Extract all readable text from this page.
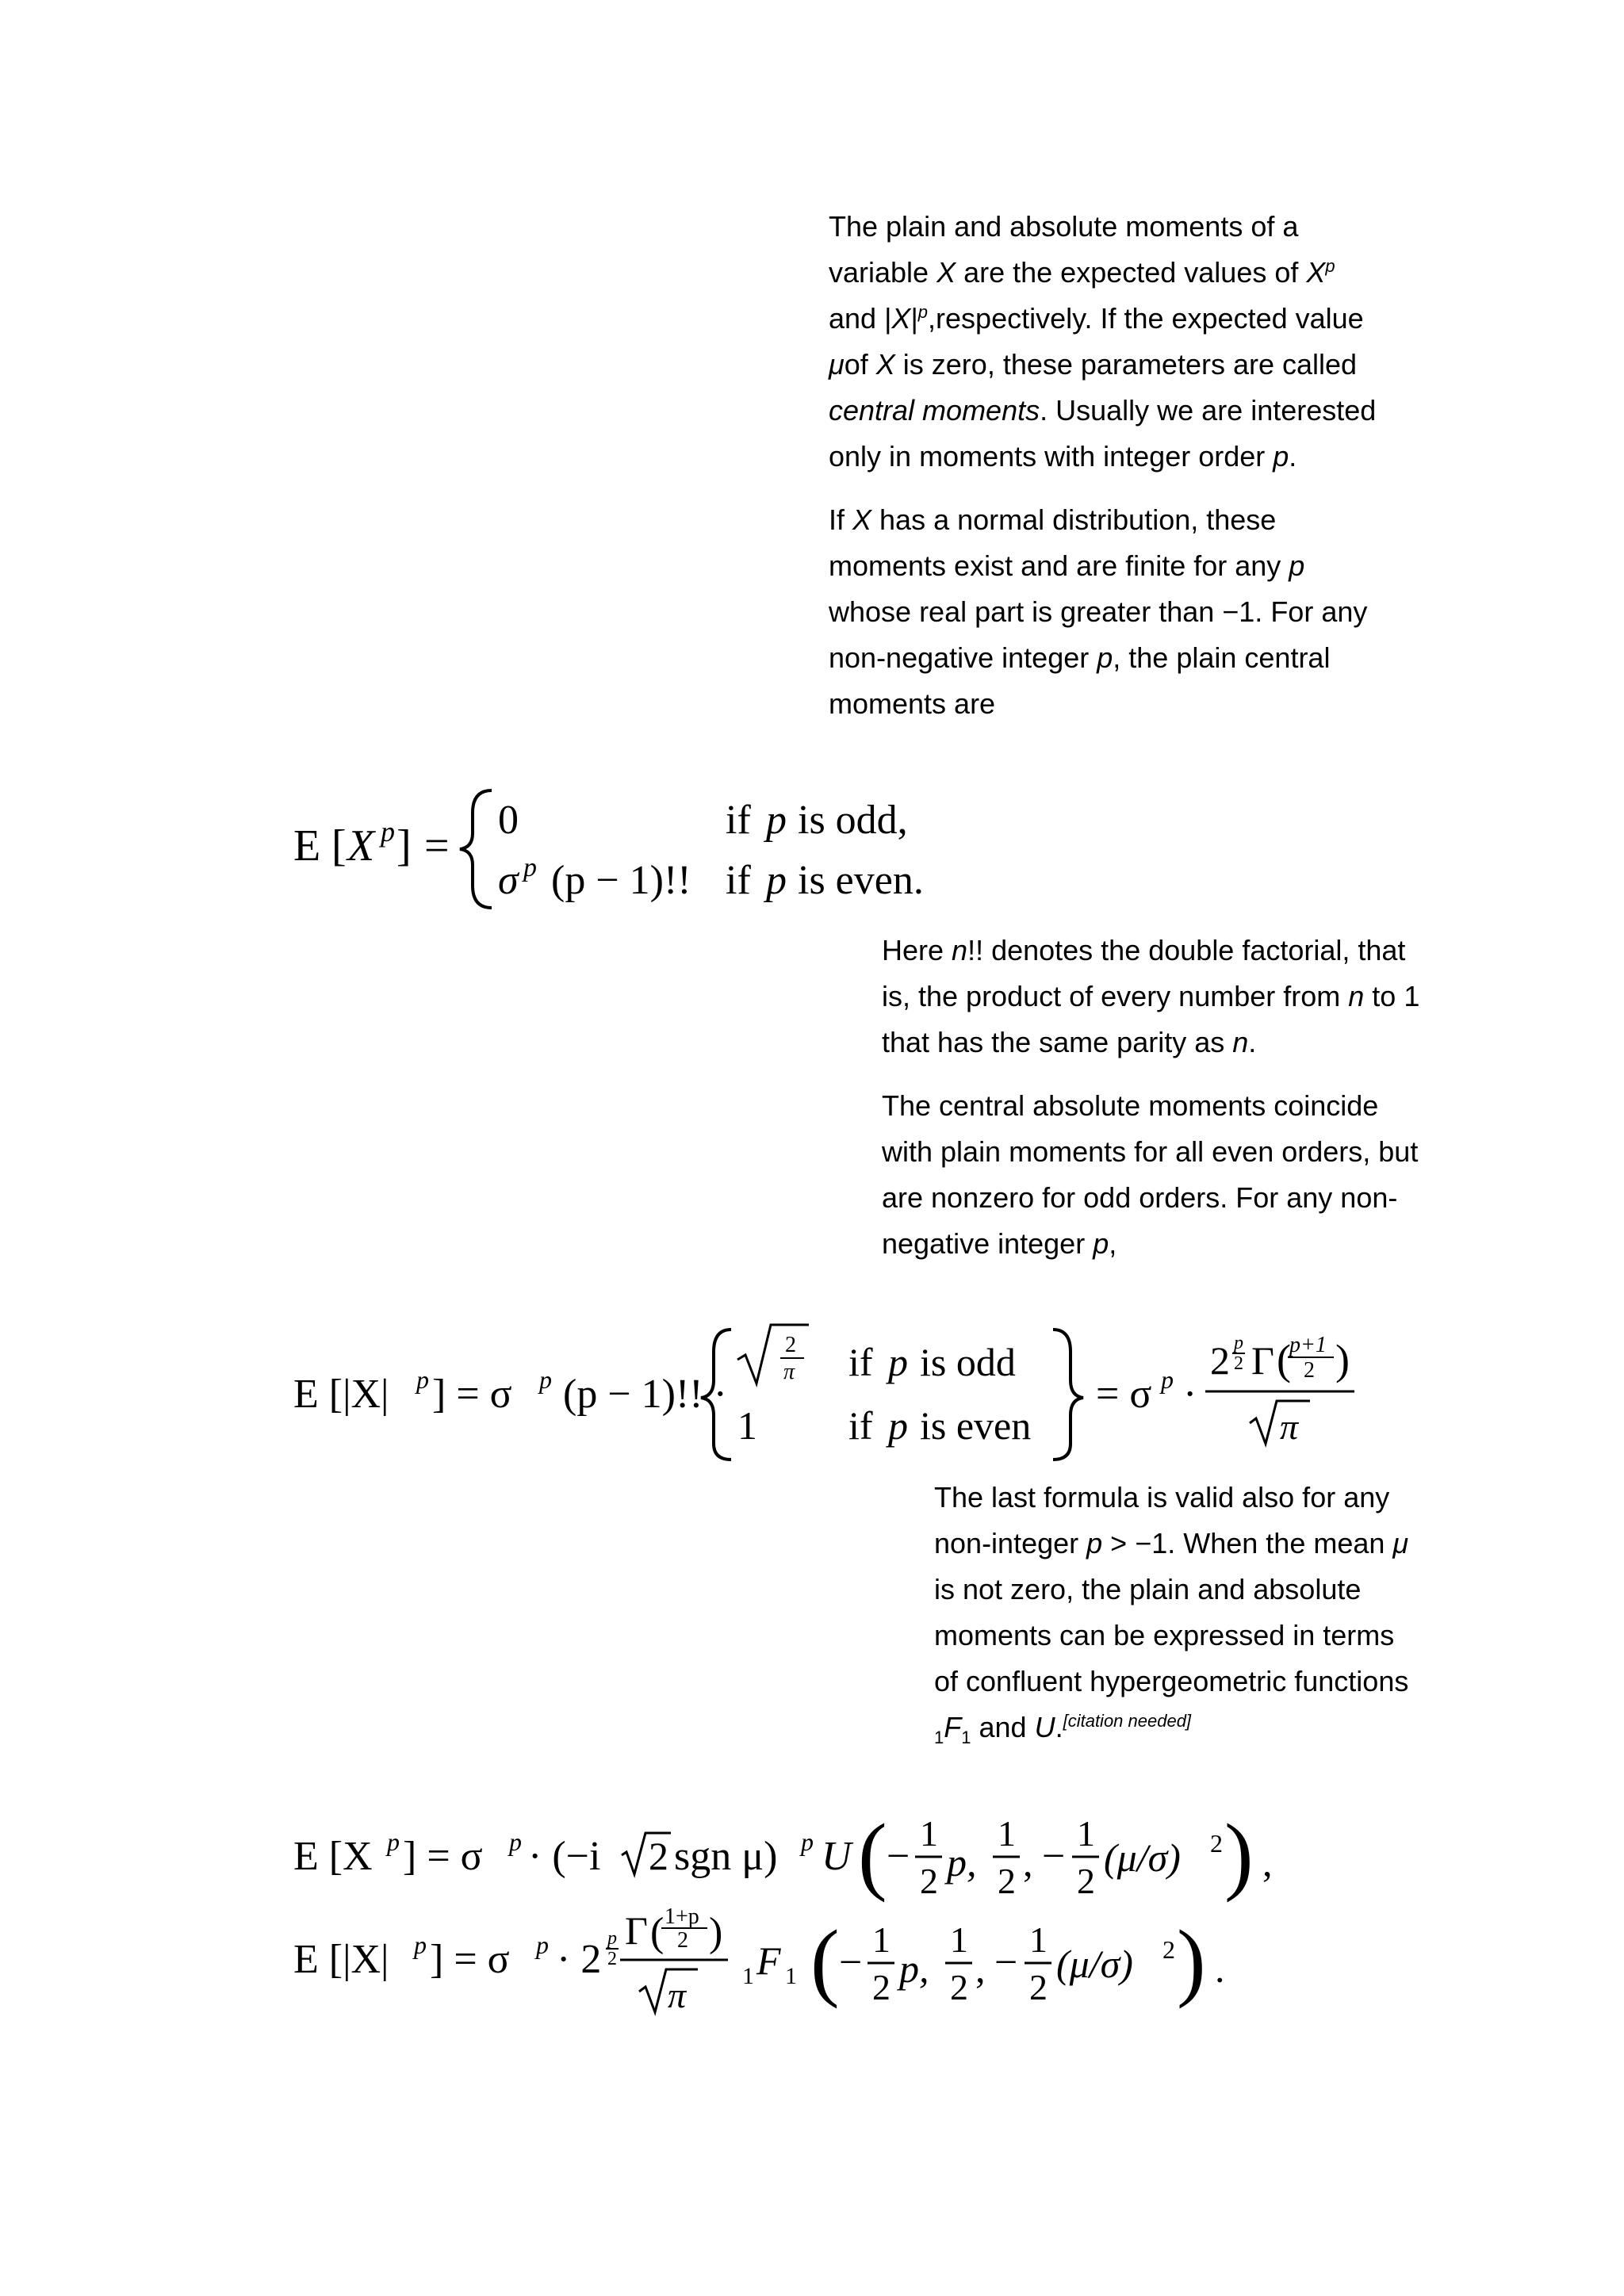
The plain and absolute moments of a variable X are the expected values of $X^p$ and $|X|^p,respectively$. If the expected value μof X is zero, these parameters are called central moments. Usually we are interested only in moments with integer order p.

If X has a normal distribution, these moments exist and are finite for any p whose real part is greater than −1. For any non-negative integer p, the plain central moments are

E [ X p ] =
0	if p is odd,
σ p (p − 1)!! if p is even.

Here n!! denotes the double factorial, that is, the product of every number from n to 1 that has the same parity as n.

The central absolute moments coincide with plain moments for all even orders, but are nonzero for odd orders. For any non-negative integer p,

E [|X| p ] = σ p (p − 1)!! ·
2
π if p is odd
1 if p is even
= σ p ·
2 p
2 Γ (
p+1
2 )
π

The last formula is valid also for any non-integer p > −1. When the mean μ is not zero, the plain and absolute moments can be expressed in terms of confluent hypergeometric functions $_1F_1$ and U.[citation needed]

E [X p ] = σ p · (−i 2 sgn μ) p U ( −
1
2 p,
1
2 , −
1
2
(μ/σ) 2 ) ,
E [|X| p ] = σ p · 2 p
2
Γ ( 1+p
2 )
π 1 F 1 ( −
1
2 p,
1
2 , −
1
2
(μ/σ) 2 ) .
